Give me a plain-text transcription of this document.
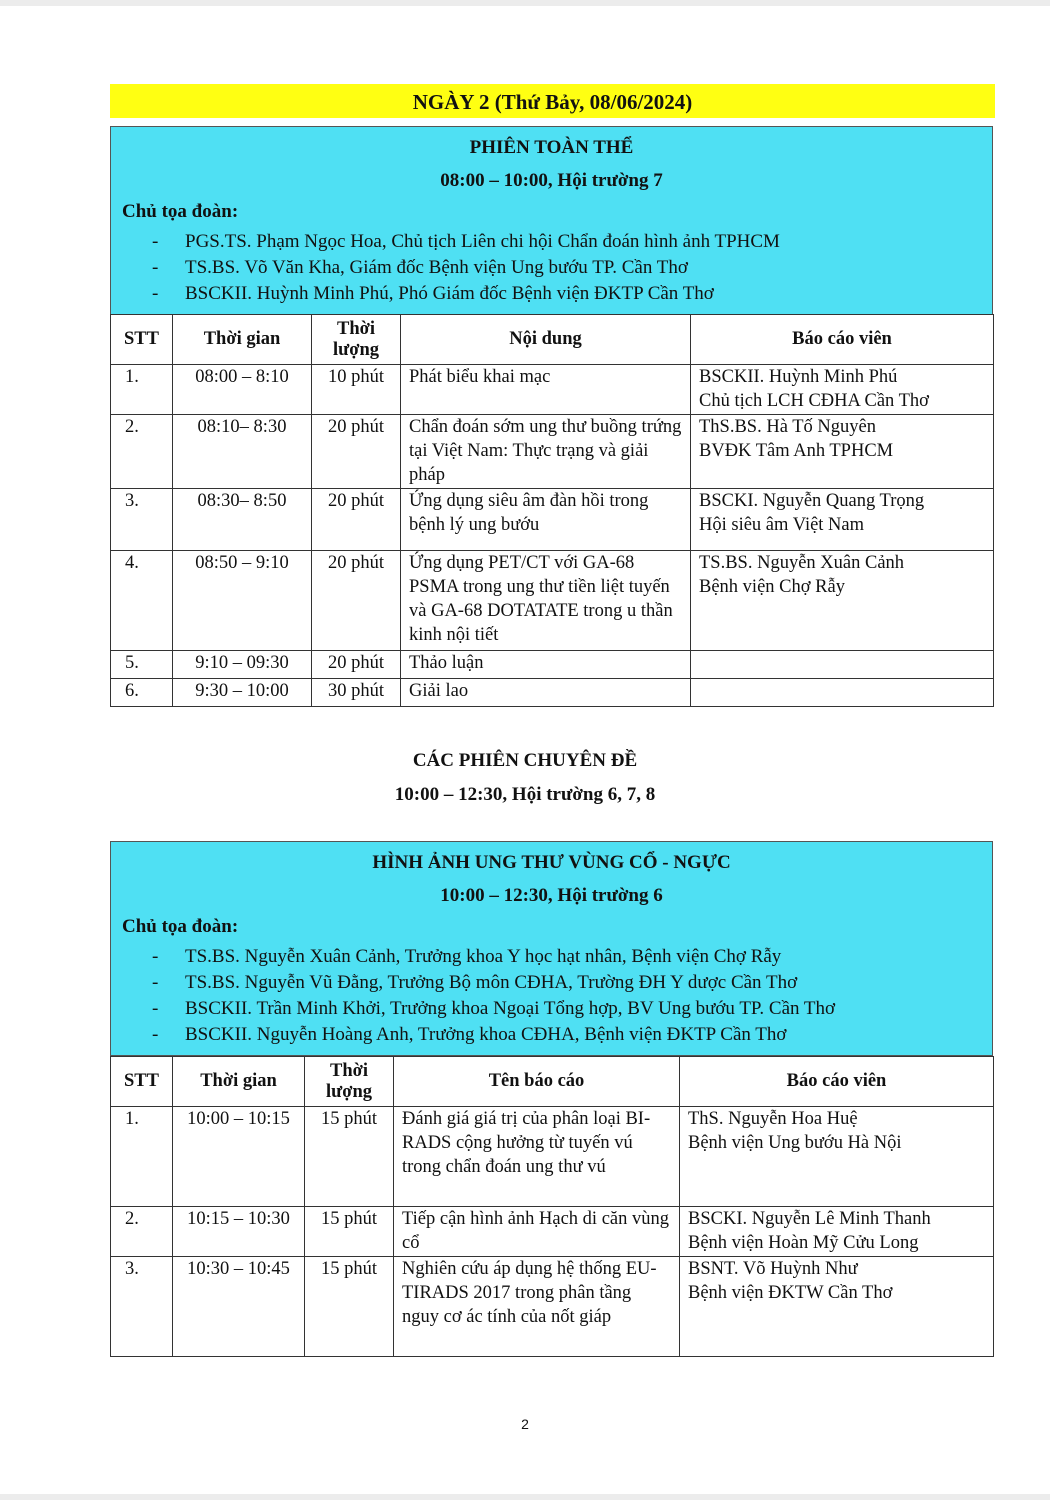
NGÀY 2 (Thứ Bảy, 08/06/2024)
PHIÊN TOÀN THỂ
08:00 – 10:00, Hội trường 7
Chủ tọa đoàn:
- PGS.TS. Phạm Ngọc Hoa, Chủ tịch Liên chi hội Chẩn đoán hình ảnh TPHCM
- TS.BS. Võ Văn Kha, Giám đốc Bệnh viện Ung bướu TP. Cần Thơ
- BSCKII. Huỳnh Minh Phú, Phó Giám đốc Bệnh viện ĐKTP Cần Thơ
STT	Thời gian	Thời lượng	Nội dung	Báo cáo viên
1.	08:00 – 8:10	10 phút	Phát biểu khai mạc	BSCKII. Huỳnh Minh Phú
Chủ tịch LCH CĐHA Cần Thơ
2.	08:10– 8:30	20 phút	Chẩn đoán sớm ung thư buồng trứng tại Việt Nam: Thực trạng và giải pháp	ThS.BS. Hà Tố Nguyên
BVĐK Tâm Anh TPHCM
3.	08:30– 8:50	20 phút	Ứng dụng siêu âm đàn hồi trong bệnh lý ung bướu	BSCKI. Nguyễn Quang Trọng
Hội siêu âm Việt Nam
4.	08:50 – 9:10	20 phút	Ứng dụng PET/CT với GA-68 PSMA trong ung thư tiền liệt tuyến và GA-68 DOTATATE trong u thần kinh nội tiết	TS.BS. Nguyễn Xuân Cảnh
Bệnh viện Chợ Rẫy
5.	9:10 – 09:30	20 phút	Thảo luận	
6.	9:30 – 10:00	30 phút	Giải lao	
CÁC PHIÊN CHUYÊN ĐỀ
10:00 – 12:30, Hội trường 6, 7, 8
HÌNH ẢNH UNG THƯ VÙNG CỔ - NGỰC
10:00 – 12:30, Hội trường 6
Chủ tọa đoàn:
- TS.BS. Nguyễn Xuân Cảnh, Trưởng khoa Y học hạt nhân, Bệnh viện Chợ Rẫy
- TS.BS. Nguyễn Vũ Đằng, Trưởng Bộ môn CĐHA, Trường ĐH Y dược Cần Thơ
- BSCKII. Trần Minh Khởi, Trưởng khoa Ngoại Tổng hợp, BV Ung bướu TP. Cần Thơ
- BSCKII. Nguyễn Hoàng Anh, Trưởng khoa CĐHA, Bệnh viện ĐKTP Cần Thơ
STT	Thời gian	Thời lượng	Tên báo cáo	Báo cáo viên
1.	10:00 – 10:15	15 phút	Đánh giá giá trị của phân loại BI-RADS cộng hưởng từ tuyến vú trong chẩn đoán ung thư vú	ThS. Nguyễn Hoa Huệ
Bệnh viện Ung bướu Hà Nội
2.	10:15 – 10:30	15 phút	Tiếp cận hình ảnh Hạch di căn vùng cổ	BSCKI. Nguyễn Lê Minh Thanh
Bệnh viện Hoàn Mỹ Cửu Long
3.	10:30 – 10:45	15 phút	Nghiên cứu áp dụng hệ thống EU-TIRADS 2017 trong phân tầng nguy cơ ác tính của nốt giáp	BSNT. Võ Huỳnh Như
Bệnh viện ĐKTW Cần Thơ
2
